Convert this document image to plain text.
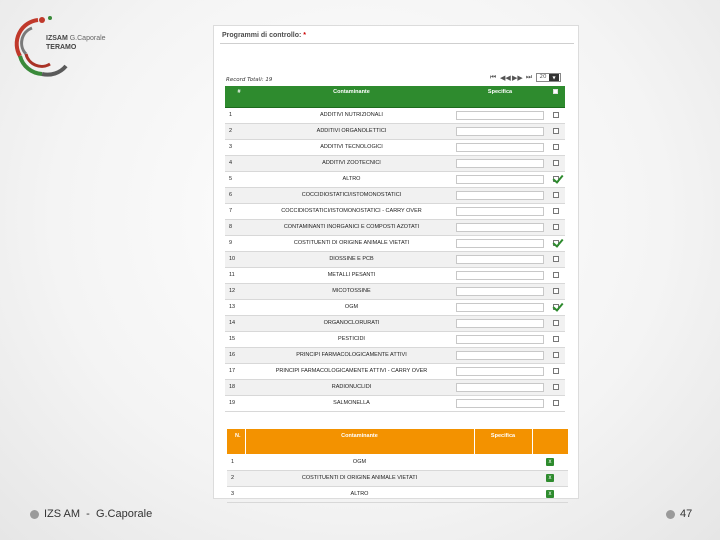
IZSAM G.Caporale
TERAMO
Programmi di controllo: *
Record Totali: 19	⏮ ◀◀ ▶▶ ⏭	20	▼
#	Contaminante	Specifica	
1	ADDITIVI NUTRIZIONALI	

2	ADDITIVI ORGANOLETTICI	

3	ADDITIVI TECNOLOGICI	

4	ADDITIVI ZOOTECNICI	

5	ALTRO	

6	COCCIDIOSTATICI/ISTOMONOSTATICI	

7	COCCIDIOSTATICI/ISTOMONOSTATICI - CARRY OVER	

8	CONTAMINANTI INORGANICI E COMPOSTI AZOTATI	

9	COSTITUENTI DI ORIGINE ANIMALE VIETATI	

10	DIOSSINE E PCB	

11	METALLI PESANTI	

12	MICOTOSSINE	

13	OGM	

14	ORGANOCLORURATI	

15	PESTICIDI	

16	PRINCIPI FARMACOLOGICAMENTE ATTIVI	

17	PRINCIPI FARMACOLOGICAMENTE ATTIVI - CARRY OVER	

18	RADIONUCLIDI	

19	SALMONELLA	

N.	Contaminante	Specifica	
1	OGM		x
2	COSTITUENTI DI ORIGINE ANIMALE VIETATI		x
3	ALTRO		x
IZS AM  -  G.Caporale	47
